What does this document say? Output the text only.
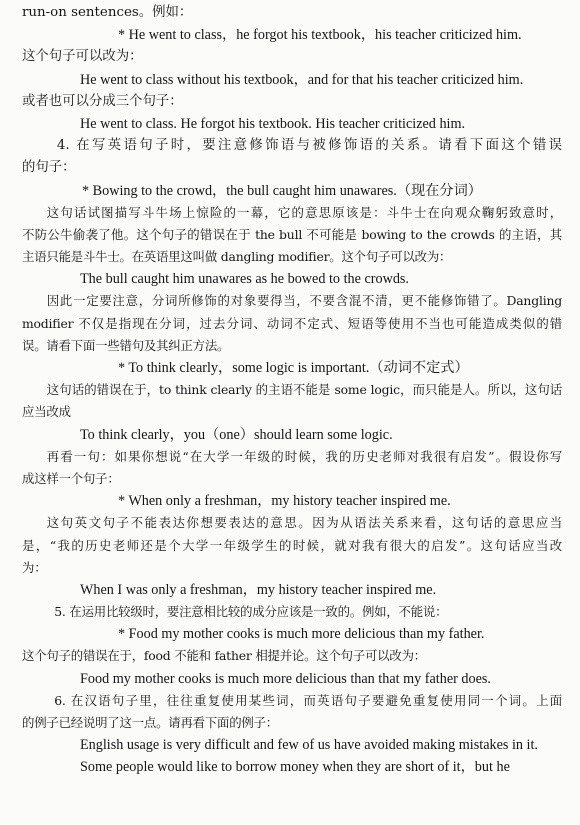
run-on sentences。例如：
* He went to class，he forgot his textbook，his teacher criticized him.
这个句子可以改为：
He went to class without his textbook，and for that his teacher criticized him.
或者也可以分成三个句子：
He went to class. He forgot his textbook. His teacher criticized him.
4. 在写英语句子时，要注意修饰语与被修饰语的关系。请看下面这个错误
的句子：
* Bowing to the crowd，the bull caught him unawares.（现在分词）
这句话试图描写斗牛场上惊险的一幕，它的意思原该是：斗牛士在向观众鞠躬致意时，
不防公牛偷袭了他。这个句子的错误在于 the bull 不可能是 bowing to the crowds 的主语，其
主语只能是斗牛士。在英语里这叫做 dangling modifier。这个句子可以改为：
The bull caught him unawares as he bowed to the crowds.
因此一定要注意，分词所修饰的对象要得当，不要含混不清，更不能修饰错了。Dangling
modifier 不仅是指现在分词，过去分词、动词不定式、短语等使用不当也可能造成类似的错
误。请看下面一些错句及其纠正方法。
* To think clearly，some logic is important.（动词不定式）
这句话的错误在于，to think clearly 的主语不能是 some logic，而只能是人。所以，这句话
应当改成
To think clearly，you（one）should learn some logic.
再看一句：如果你想说“在大学一年级的时候，我的历史老师对我很有启发”。假设你写
成这样一个句子：
* When only a freshman，my history teacher inspired me.
这句英文句子不能表达你想要表达的意思。因为从语法关系来看，这句话的意思应当
是，“我的历史老师还是个大学一年级学生的时候，就对我有很大的启发”。这句话应当改
为：
When I was only a freshman，my history teacher inspired me.
5. 在运用比较级时，要注意相比较的成分应该是一致的。例如，不能说：
* Food my mother cooks is much more delicious than my father.
这个句子的错误在于，food 不能和 father 相提并论。这个句子可以改为：
Food my mother cooks is much more delicious than that my father does.
6. 在汉语句子里，往往重复使用某些词，而英语句子要避免重复使用同一个词。上面
的例子已经说明了这一点。请再看下面的例子：
English usage is very difficult and few of us have avoided making mistakes in it.
Some people would like to borrow money when they are short of it，but he
